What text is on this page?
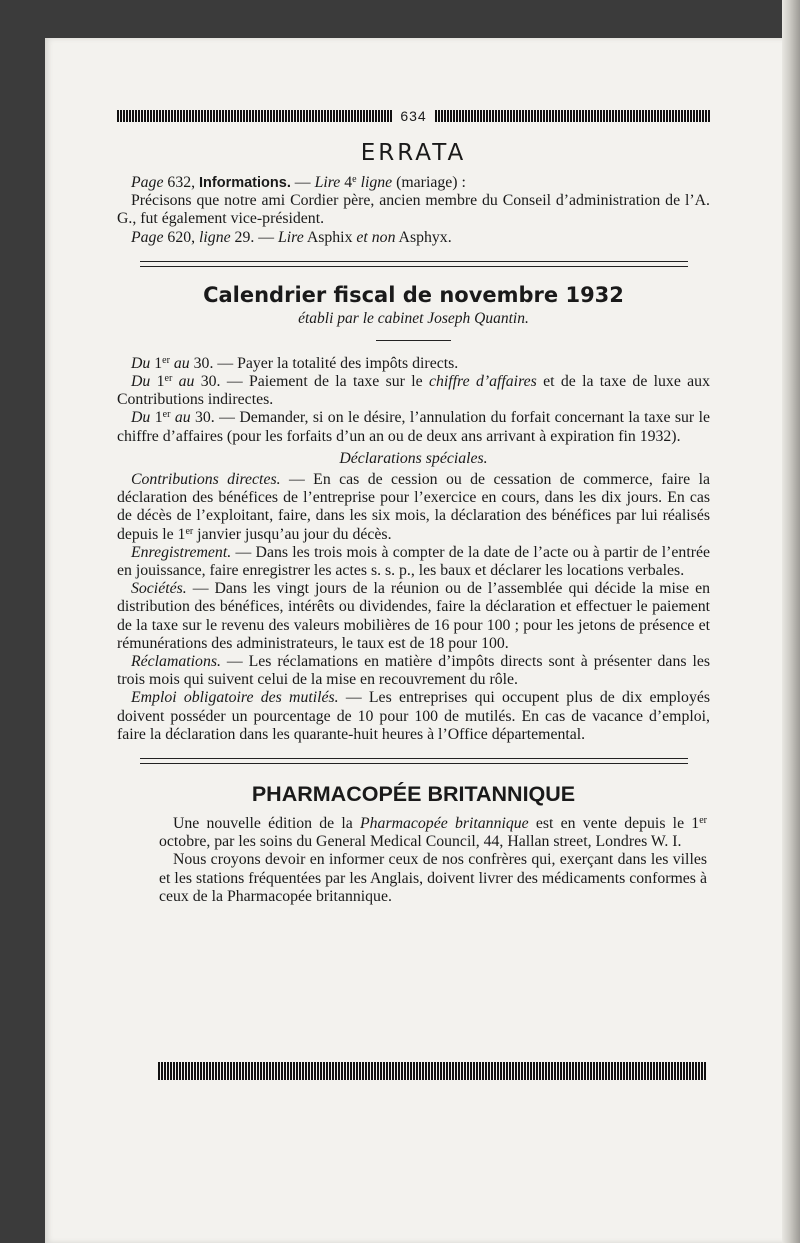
634
ERRATA

Page 632, Informations. — Lire 4e ligne (mariage) :

Précisons que notre ami Cordier père, ancien membre du Conseil d’administration de l’A. G., fut également vice-président.

Page 620, ligne 29. — Lire Asphix et non Asphyx.

Calendrier fiscal de novembre 1932
établi par le cabinet Joseph Quantin.

Du 1er au 30. — Payer la totalité des impôts directs.

Du 1er au 30. — Paiement de la taxe sur le chiffre d’affaires et de la taxe de luxe aux Contributions indirectes.

Du 1er au 30. — Demander, si on le désire, l’annulation du forfait concernant la taxe sur le chiffre d’affaires (pour les forfaits d’un an ou de deux ans arrivant à expiration fin 1932).

Déclarations spéciales.

Contributions directes. — En cas de cession ou de cessation de commerce, faire la déclaration des bénéfices de l’entreprise pour l’exercice en cours, dans les dix jours. En cas de décès de l’exploitant, faire, dans les six mois, la déclaration des bénéfices par lui réalisés depuis le 1er janvier jusqu’au jour du décès.

Enregistrement. — Dans les trois mois à compter de la date de l’acte ou à partir de l’entrée en jouissance, faire enregistrer les actes s. s. p., les baux et déclarer les locations verbales.

Sociétés. — Dans les vingt jours de la réunion ou de l’assemblée qui décide la mise en distribution des bénéfices, intérêts ou dividendes, faire la déclaration et effectuer le paiement de la taxe sur le revenu des valeurs mobilières de 16 pour 100 ; pour les jetons de présence et rémunérations des administrateurs, le taux est de 18 pour 100.

Réclamations. — Les réclamations en matière d’impôts directs sont à présenter dans les trois mois qui suivent celui de la mise en recouvrement du rôle.

Emploi obligatoire des mutilés. — Les entreprises qui occupent plus de dix employés doivent posséder un pourcentage de 10 pour 100 de mutilés. En cas de vacance d’emploi, faire la déclaration dans les quarante-huit heures à l’Office départemental.

PHARMACOPÉE BRITANNIQUE

Une nouvelle édition de la Pharmacopée britannique est en vente depuis le 1er octobre, par les soins du General Medical Council, 44, Hallan street, Londres W. I.

Nous croyons devoir en informer ceux de nos confrères qui, exerçant dans les villes et les stations fréquentées par les Anglais, doivent livrer des médicaments conformes à ceux de la Pharmacopée britannique.
